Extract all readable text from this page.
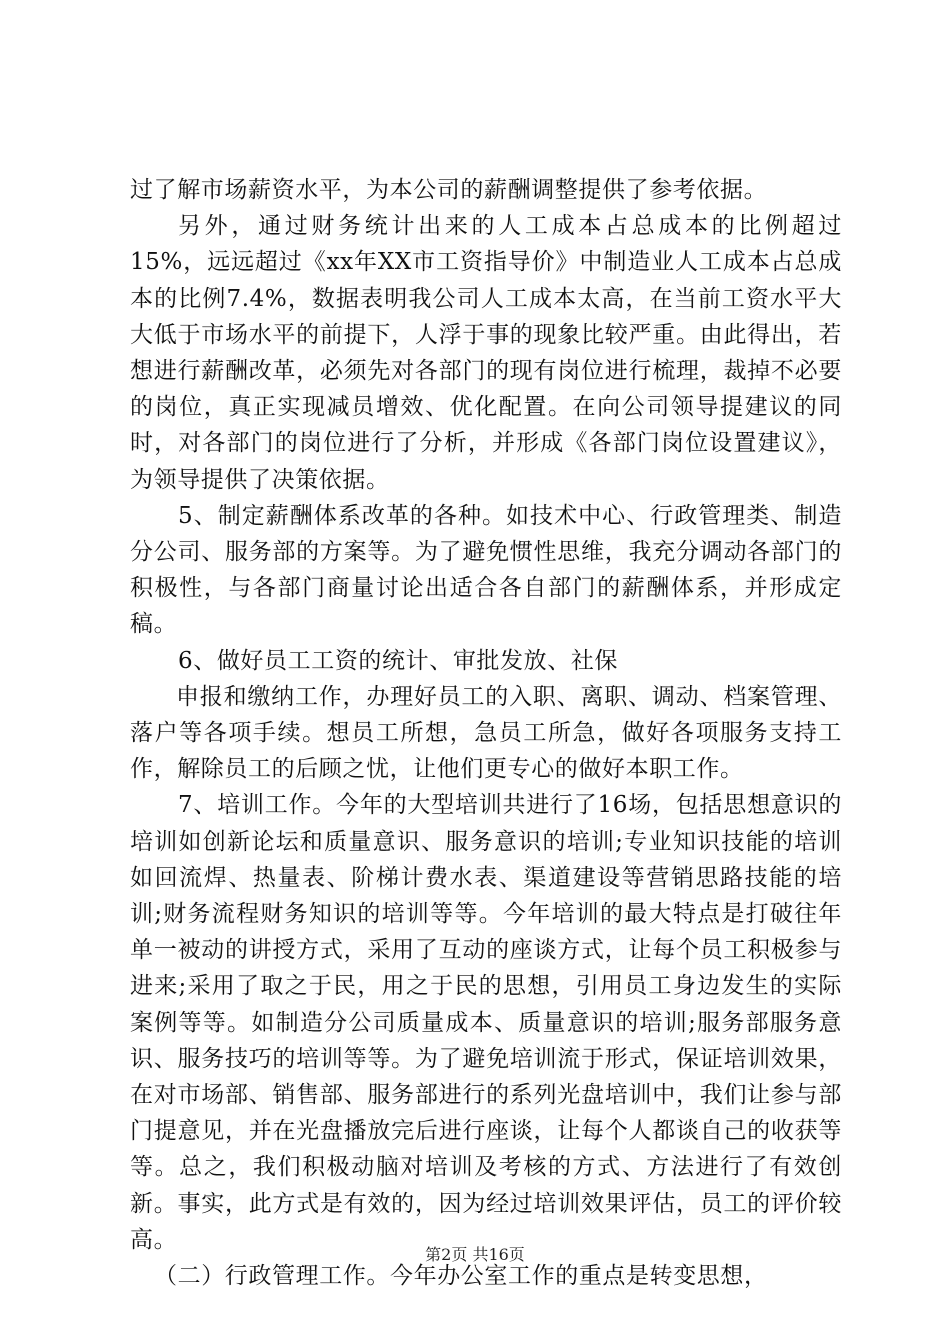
过了解市场薪资水平，为本公司的薪酬调整提供了参考依据。

另外，通过财务统计出来的人工成本占总成本的比例超过15%，远远超过《xx年XX市工资指导价》中制造业人工成本占总成本的比例7.4%，数据表明我公司人工成本太高，在当前工资水平大大低于市场水平的前提下，人浮于事的现象比较严重。由此得出，若想进行薪酬改革，必须先对各部门的现有岗位进行梳理，裁掉不必要的岗位，真正实现减员增效、优化配置。在向公司领导提建议的同时，对各部门的岗位进行了分析，并形成《各部门岗位设置建议》，为领导提供了决策依据。

5、制定薪酬体系改革的各种。如技术中心、行政管理类、制造分公司、服务部的方案等。为了避免惯性思维，我充分调动各部门的积极性，与各部门商量讨论出适合各自部门的薪酬体系，并形成定稿。

6、做好员工工资的统计、审批发放、社保

申报和缴纳工作，办理好员工的入职、离职、调动、档案管理、落户等各项手续。想员工所想，急员工所急，做好各项服务支持工作，解除员工的后顾之忧，让他们更专心的做好本职工作。

7、培训工作。今年的大型培训共进行了16场，包括思想意识的培训如创新论坛和质量意识、服务意识的培训;专业知识技能的培训如回流焊、热量表、阶梯计费水表、渠道建设等营销思路技能的培训;财务流程财务知识的培训等等。今年培训的最大特点是打破往年单一被动的讲授方式，采用了互动的座谈方式，让每个员工积极参与进来;采用了取之于民，用之于民的思想，引用员工身边发生的实际案例等等。如制造分公司质量成本、质量意识的培训;服务部服务意识、服务技巧的培训等等。为了避免培训流于形式，保证培训效果，在对市场部、销售部、服务部进行的系列光盘培训中，我们让参与部门提意见，并在光盘播放完后进行座谈，让每个人都谈自己的收获等等。总之，我们积极动脑对培训及考核的方式、方法进行了有效创新。事实，此方式是有效的，因为经过培训效果评估，员工的评价较高。

（二）行政管理工作。今年办公室工作的重点是转变思想，

第2页 共16页
